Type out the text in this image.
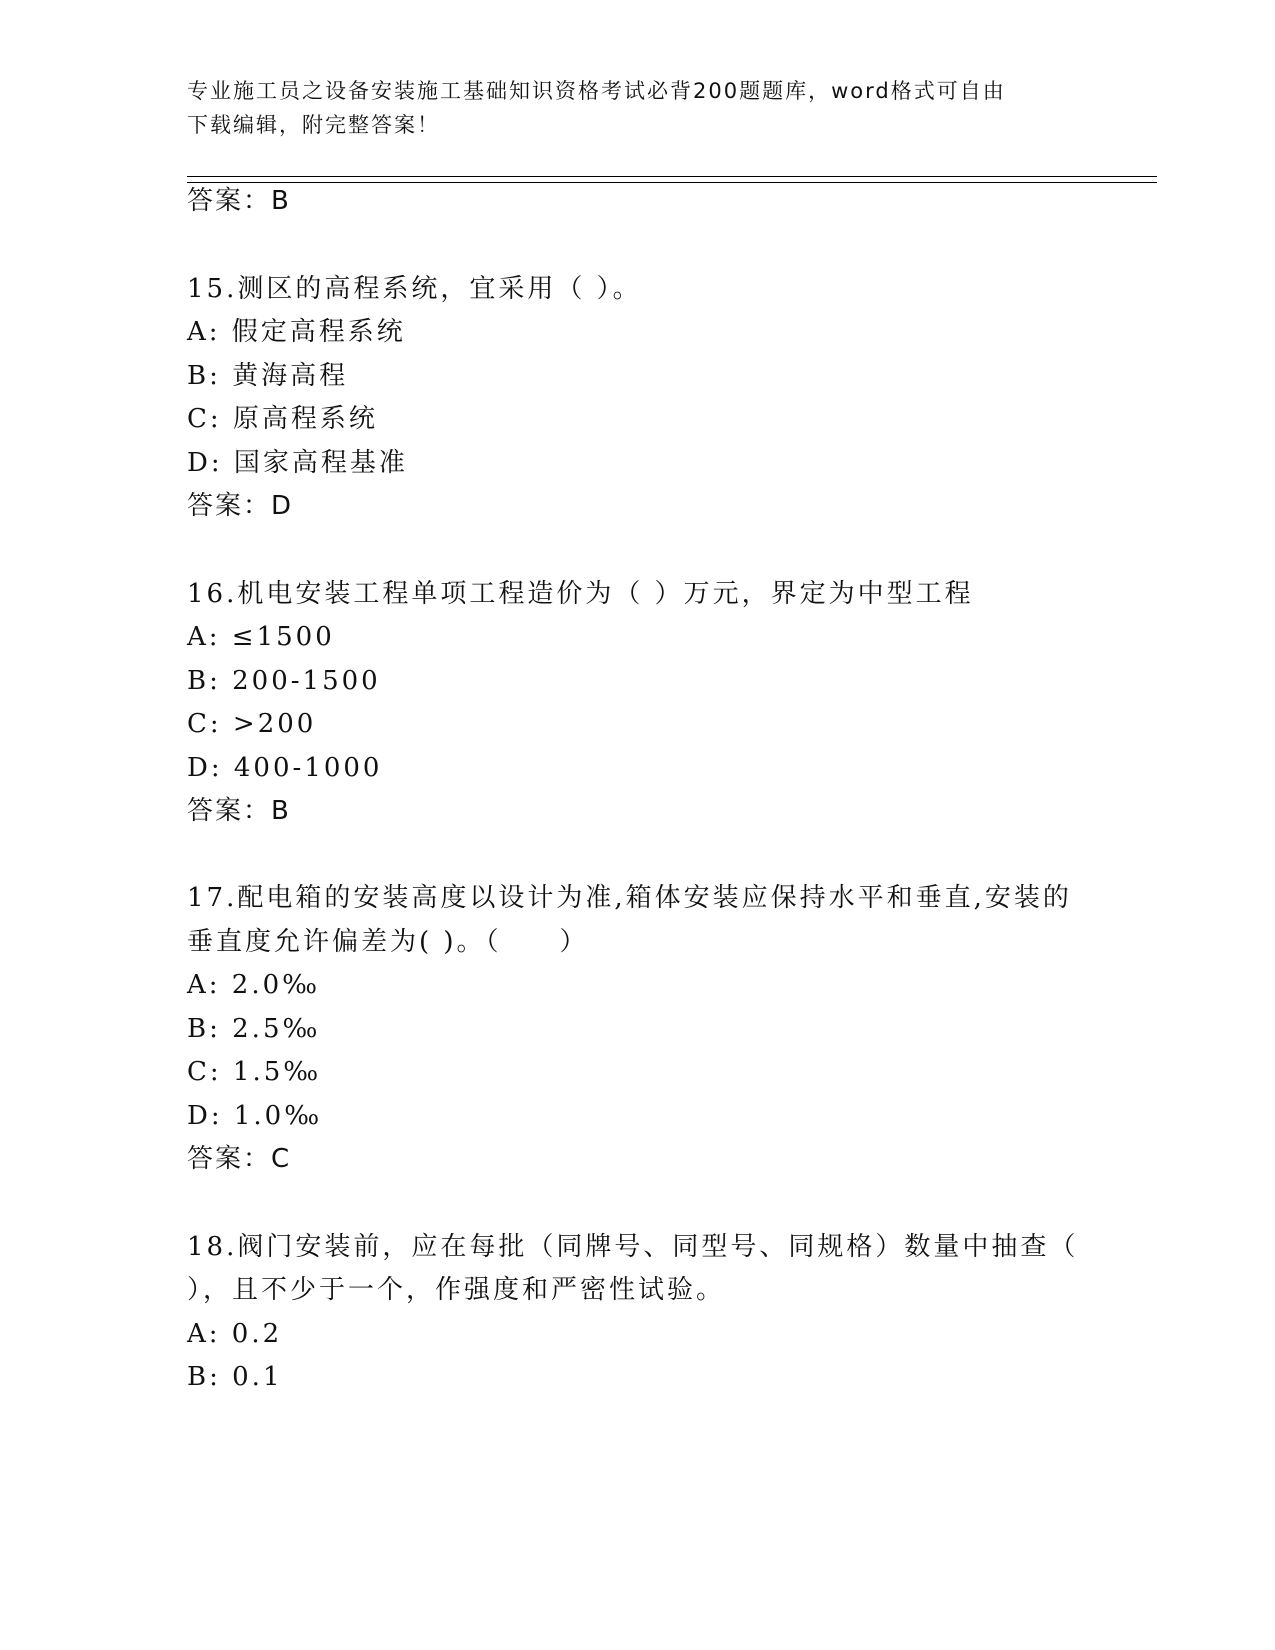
专业施工员之设备安装施工基础知识资格考试必背200题题库，word格式可自由
下载编辑，附完整答案！
答案：B
15.测区的高程系统，宜采用（ ）。
A: 假定高程系统
B: 黄海高程
C: 原高程系统
D: 国家高程基准
答案：D
16.机电安装工程单项工程造价为（ ）万元，界定为中型工程
A: ≤1500
B: 200-1500
C: >200
D: 400-1000
答案：B
17.配电箱的安装高度以设计为准,箱体安装应保持水平和垂直,安装的
垂直度允许偏差为( )。（　　）
A: 2.0‰
B: 2.5‰
C: 1.5‰
D: 1.0‰
答案：C
18.阀门安装前，应在每批（同牌号、同型号、同规格）数量中抽查（
），且不少于一个，作强度和严密性试验。
A: 0.2
B: 0.1
